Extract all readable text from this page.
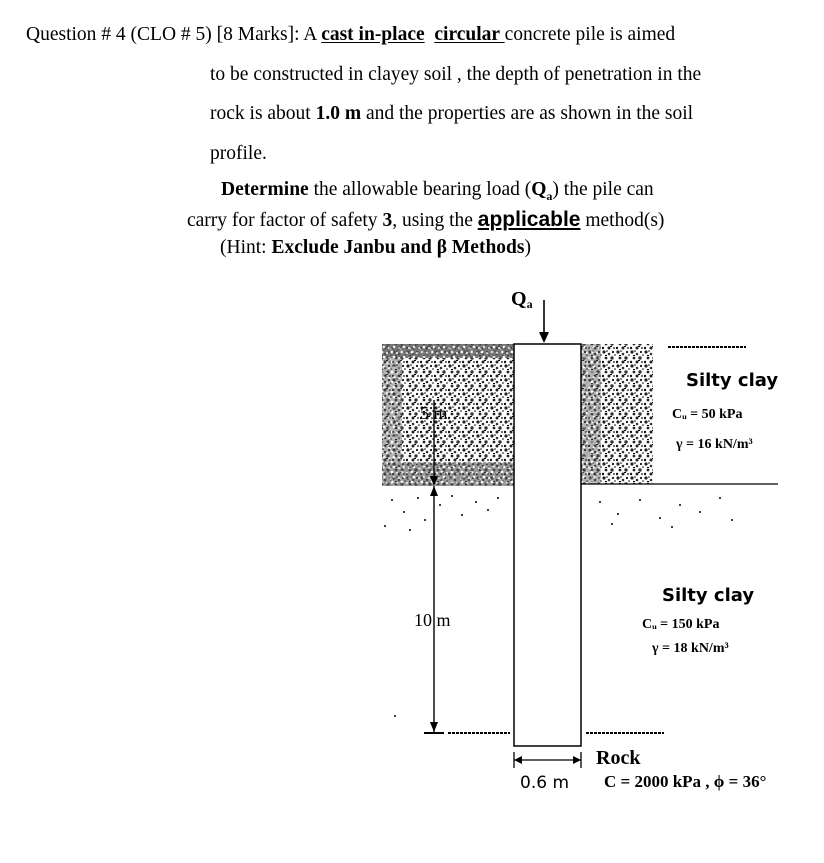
Question # 4 (CLO # 5) [8 Marks]: A cast in-place circular concrete pile is aimed
to be constructed in clayey soil , the depth of penetration in the
rock is about 1.0 m and the properties are as shown in the soil
profile.
Determine the allowable bearing load $(Q_a)$ the pile can
carry for factor of safety 3, using the applicable method(s)
(Hint: Exclude Janbu and β Methods)
Qa
5 m
10 m
0.6 m
Silty clay
Cᵤ = 50 kPa
γ = 16 kN/m³
Silty clay
Cᵤ = 150 kPa
γ = 18 kN/m³
Rock
C = 2000 kPa , ϕ = 36°
